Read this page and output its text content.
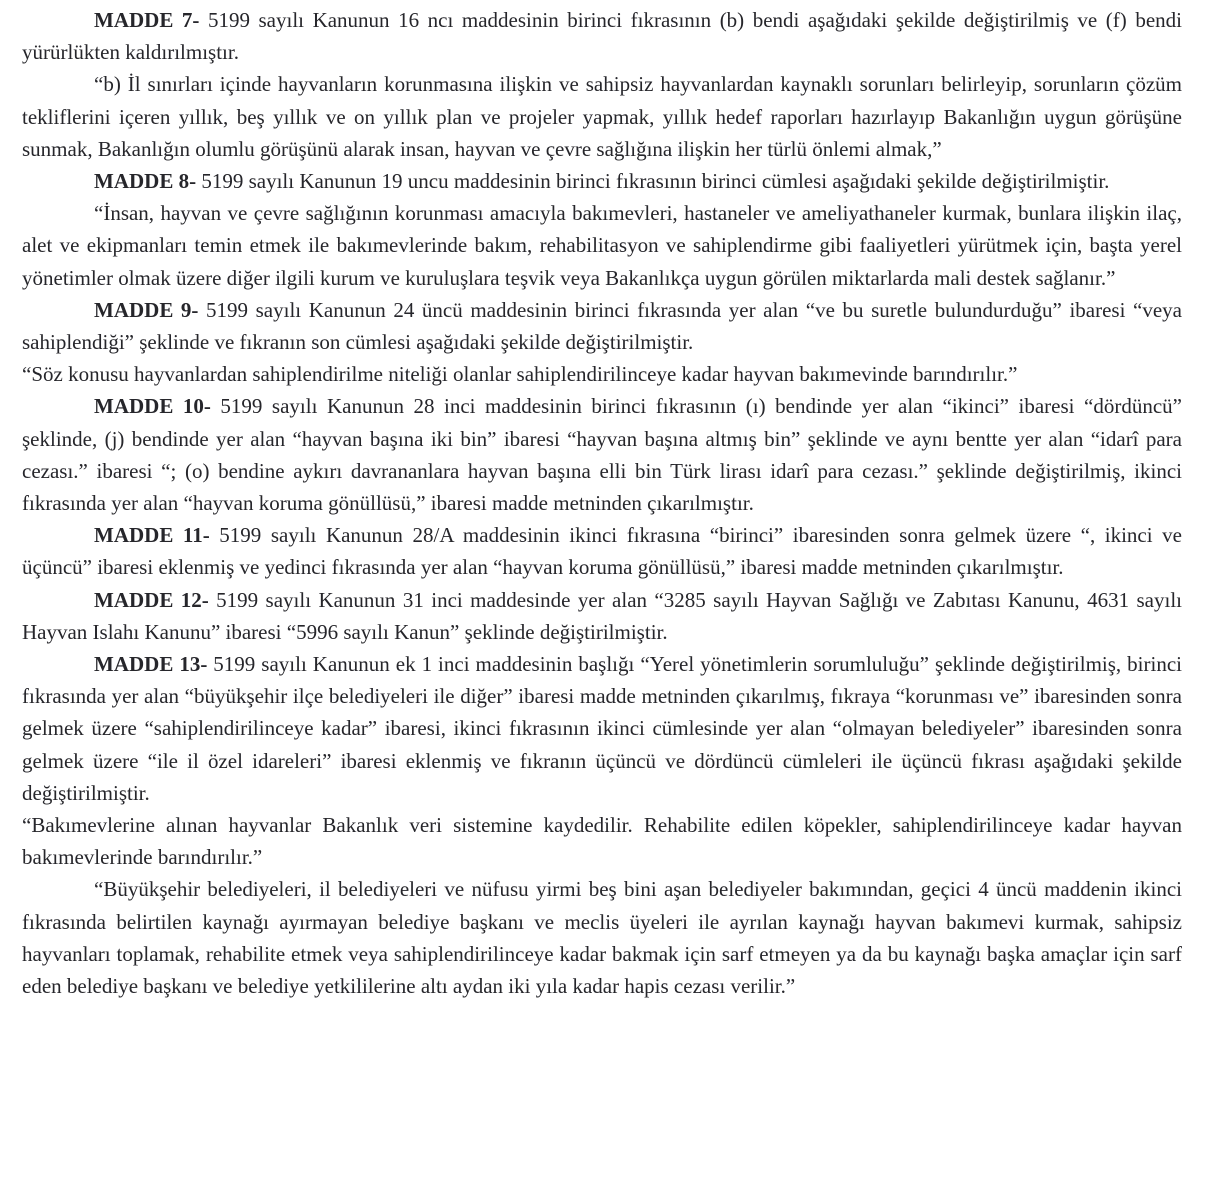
MADDE 7- 5199 sayılı Kanunun 16 ncı maddesinin birinci fıkrasının (b) bendi aşağıdaki şekilde değiştirilmiş ve (f) bendi yürürlükten kaldırılmıştır.

“b) İl sınırları içinde hayvanların korunmasına ilişkin ve sahipsiz hayvanlardan kaynaklı sorunları belirleyip, sorunların çözüm tekliflerini içeren yıllık, beş yıllık ve on yıllık plan ve projeler yapmak, yıllık hedef raporları hazırlayıp Bakanlığın uygun görüşüne sunmak, Bakanlığın olumlu görüşünü alarak insan, hayvan ve çevre sağlığına ilişkin her türlü önlemi almak,”

MADDE 8- 5199 sayılı Kanunun 19 uncu maddesinin birinci fıkrasının birinci cümlesi aşağıdaki şekilde değiştirilmiştir.

“İnsan, hayvan ve çevre sağlığının korunması amacıyla bakımevleri, hastaneler ve ameliyathaneler kurmak, bunlara ilişkin ilaç, alet ve ekipmanları temin etmek ile bakımevlerinde bakım, rehabilitasyon ve sahiplendirme gibi faaliyetleri yürütmek için, başta yerel yönetimler olmak üzere diğer ilgili kurum ve kuruluşlara teşvik veya Bakanlıkça uygun görülen miktarlarda mali destek sağlanır.”

MADDE 9- 5199 sayılı Kanunun 24 üncü maddesinin birinci fıkrasında yer alan “ve bu suretle bulundurduğu” ibaresi “veya sahiplendiği” şeklinde ve fıkranın son cümlesi aşağıdaki şekilde değiştirilmiştir.

“Söz konusu hayvanlardan sahiplendirilme niteliği olanlar sahiplendirilinceye kadar hayvan bakımevinde barındırılır.”

MADDE 10- 5199 sayılı Kanunun 28 inci maddesinin birinci fıkrasının (ı) bendinde yer alan “ikinci” ibaresi “dördüncü” şeklinde, (j) bendinde yer alan “hayvan başına iki bin” ibaresi “hayvan başına altmış bin” şeklinde ve aynı bentte yer alan “idarî para cezası.” ibaresi “; (o) bendine aykırı davrananlara hayvan başına elli bin Türk lirası idarî para cezası.” şeklinde değiştirilmiş, ikinci fıkrasında yer alan “hayvan koruma gönüllüsü,” ibaresi madde metninden çıkarılmıştır.

MADDE 11- 5199 sayılı Kanunun 28/A maddesinin ikinci fıkrasına “birinci” ibaresinden sonra gelmek üzere “, ikinci ve üçüncü” ibaresi eklenmiş ve yedinci fıkrasında yer alan “hayvan koruma gönüllüsü,” ibaresi madde metninden çıkarılmıştır.

MADDE 12- 5199 sayılı Kanunun 31 inci maddesinde yer alan “3285 sayılı Hayvan Sağlığı ve Zabıtası Kanunu, 4631 sayılı Hayvan Islahı Kanunu” ibaresi “5996 sayılı Kanun” şeklinde değiştirilmiştir.

MADDE 13- 5199 sayılı Kanunun ek 1 inci maddesinin başlığı “Yerel yönetimlerin sorumluluğu” şeklinde değiştirilmiş, birinci fıkrasında yer alan “büyükşehir ilçe belediyeleri ile diğer” ibaresi madde metninden çıkarılmış, fıkraya “korunması ve” ibaresinden sonra gelmek üzere “sahiplendirilinceye kadar” ibaresi, ikinci fıkrasının ikinci cümlesinde yer alan “olmayan belediyeler” ibaresinden sonra gelmek üzere “ile il özel idareleri” ibaresi eklenmiş ve fıkranın üçüncü ve dördüncü cümleleri ile üçüncü fıkrası aşağıdaki şekilde değiştirilmiştir.

“Bakımevlerine alınan hayvanlar Bakanlık veri sistemine kaydedilir. Rehabilite edilen köpekler, sahiplendirilinceye kadar hayvan bakımevlerinde barındırılır.”

“Büyükşehir belediyeleri, il belediyeleri ve nüfusu yirmi beş bini aşan belediyeler bakımından, geçici 4 üncü maddenin ikinci fıkrasında belirtilen kaynağı ayırmayan belediye başkanı ve meclis üyeleri ile ayrılan kaynağı hayvan bakımevi kurmak, sahipsiz hayvanları toplamak, rehabilite etmek veya sahiplendirilinceye kadar bakmak için sarf etmeyen ya da bu kaynağı başka amaçlar için sarf eden belediye başkanı ve belediye yetkililerine altı aydan iki yıla kadar hapis cezası verilir.”
